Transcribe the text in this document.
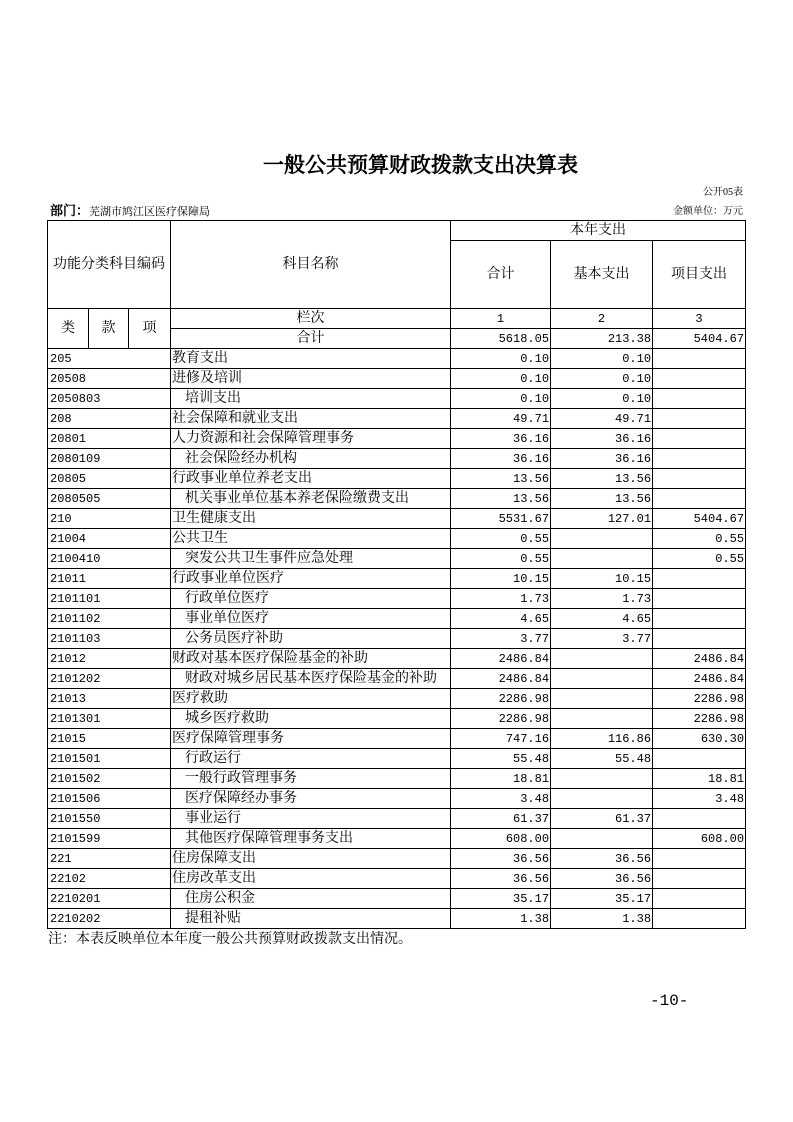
一般公共预算财政拨款支出决算表
公开05表
部门：芜湖市鸠江区医疗保障局	金额单位：万元
功能分类科目编码			科目名称	本年支出		
				合计	基本支出	项目支出
类	款	项	栏次	1	2	3
			合计	5618.05	213.38	5404.67
205			教育支出	0.10	0.10	
20508			进修及培训	0.10	0.10	
2050803			培训支出	0.10	0.10	
208			社会保障和就业支出	49.71	49.71	
20801			人力资源和社会保障管理事务	36.16	36.16	
2080109			社会保险经办机构	36.16	36.16	
20805			行政事业单位养老支出	13.56	13.56	
2080505			机关事业单位基本养老保险缴费支出	13.56	13.56	
210			卫生健康支出	5531.67	127.01	5404.67
21004			公共卫生	0.55		0.55
2100410			突发公共卫生事件应急处理	0.55		0.55
21011			行政事业单位医疗	10.15	10.15	
2101101			行政单位医疗	1.73	1.73	
2101102			事业单位医疗	4.65	4.65	
2101103			公务员医疗补助	3.77	3.77	
21012			财政对基本医疗保险基金的补助	2486.84		2486.84
2101202			财政对城乡居民基本医疗保险基金的补助	2486.84		2486.84
21013			医疗救助	2286.98		2286.98
2101301			城乡医疗救助	2286.98		2286.98
21015			医疗保障管理事务	747.16	116.86	630.30
2101501			行政运行	55.48	55.48	
2101502			一般行政管理事务	18.81		18.81
2101506			医疗保障经办事务	3.48		3.48
2101550			事业运行	61.37	61.37	
2101599			其他医疗保障管理事务支出	608.00		608.00
221			住房保障支出	36.56	36.56	
22102			住房改革支出	36.56	36.56	
2210201			住房公积金	35.17	35.17	
2210202			提租补贴	1.38	1.38	
注：本表反映单位本年度一般公共预算财政拨款支出情况。
-10-
